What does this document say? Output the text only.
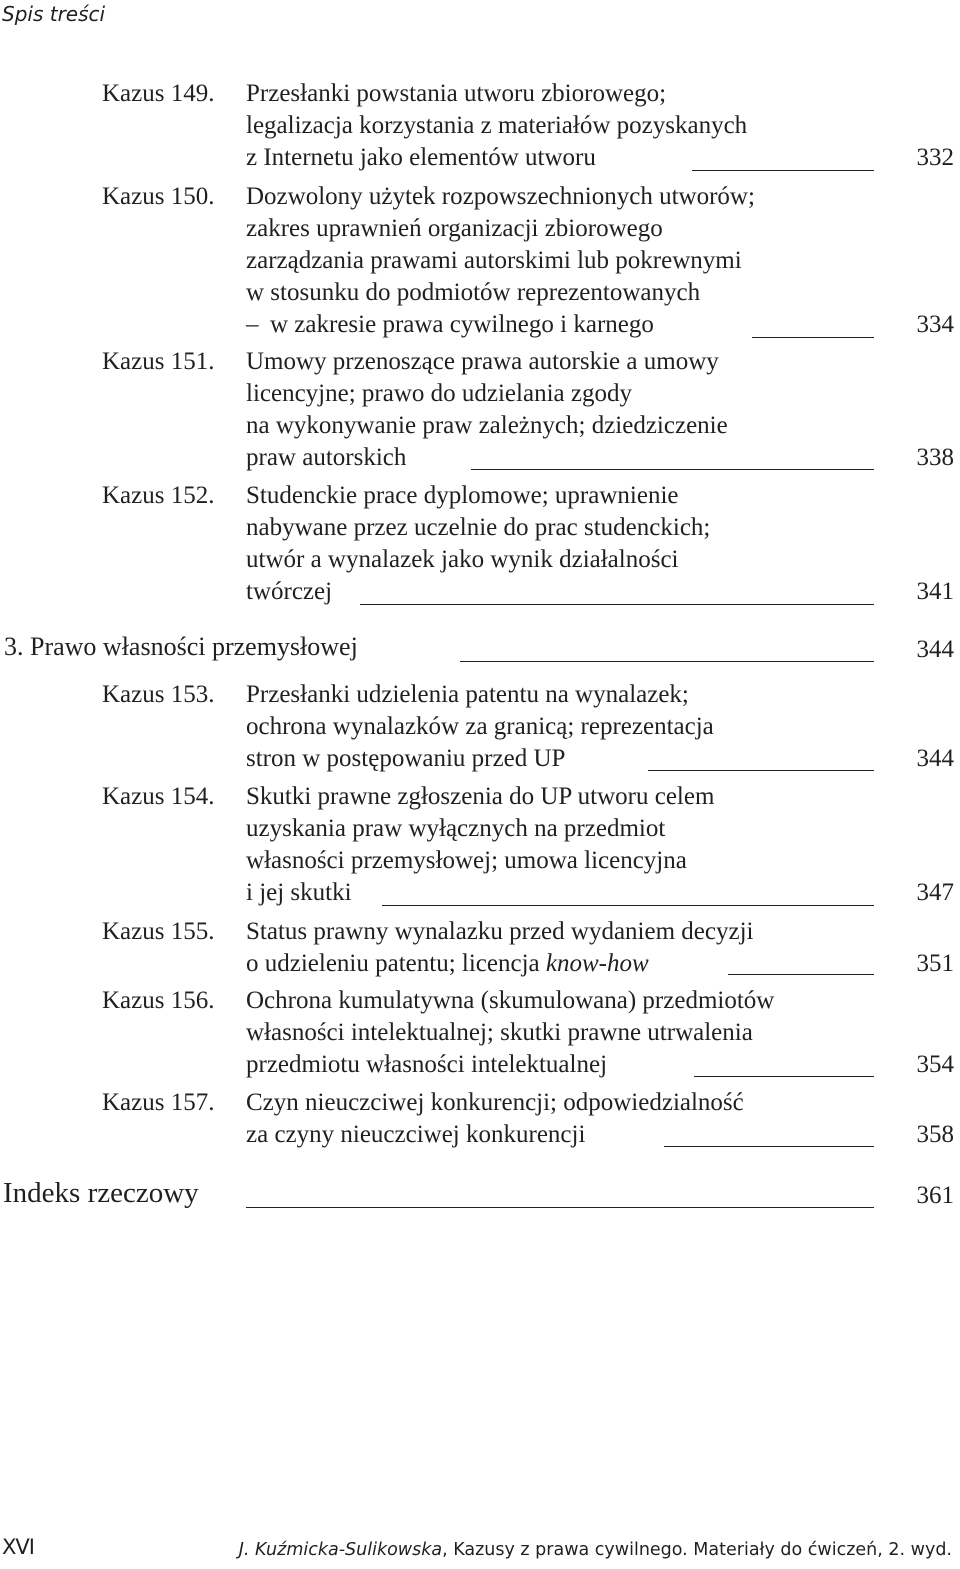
Spis treści
Kazus 149. Przesłanki powstania utworu zbiorowego;
legalizacja korzystania z materiałów pozyskanych
z Internetu jako elementów utworu	332
Kazus 150. Dozwolony użytek rozpowszechnionych utworów;
zakres uprawnień organizacji zbiorowego
zarządzania prawami autorskimi lub pokrewnymi
w stosunku do podmiotów reprezentowanych
– w zakresie prawa cywilnego i karnego	334
Kazus 151. Umowy przenoszące prawa autorskie a umowy
licencyjne; prawo do udzielania zgody
na wykonywanie praw zależnych; dziedziczenie
praw autorskich	338
Kazus 152. Studenckie prace dyplomowe; uprawnienie
nabywane przez uczelnie do prac studenckich;
utwór a wynalazek jako wynik działalności
twórczej	341
3. Prawo własności przemysłowej	344
Kazus 153. Przesłanki udzielenia patentu na wynalazek;
ochrona wynalazków za granicą; reprezentacja
stron w postępowaniu przed UP	344
Kazus 154. Skutki prawne zgłoszenia do UP utworu celem
uzyskania praw wyłącznych na przedmiot
własności przemysłowej; umowa licencyjna
i jej skutki	347
Kazus 155. Status prawny wynalazku przed wydaniem decyzji
o udzieleniu patentu; licencja know-how	351
Kazus 156. Ochrona kumulatywna (skumulowana) przedmiotów
własności intelektualnej; skutki prawne utrwalenia
przedmiotu własności intelektualnej	354
Kazus 157. Czyn nieuczciwej konkurencji; odpowiedzialność
za czyny nieuczciwej konkurencji	358
Indeks rzeczowy	361
XVI	J. Kuźmicka-Sulikowska, Kazusy z prawa cywilnego. Materiały do ćwiczeń, 2. wyd.
